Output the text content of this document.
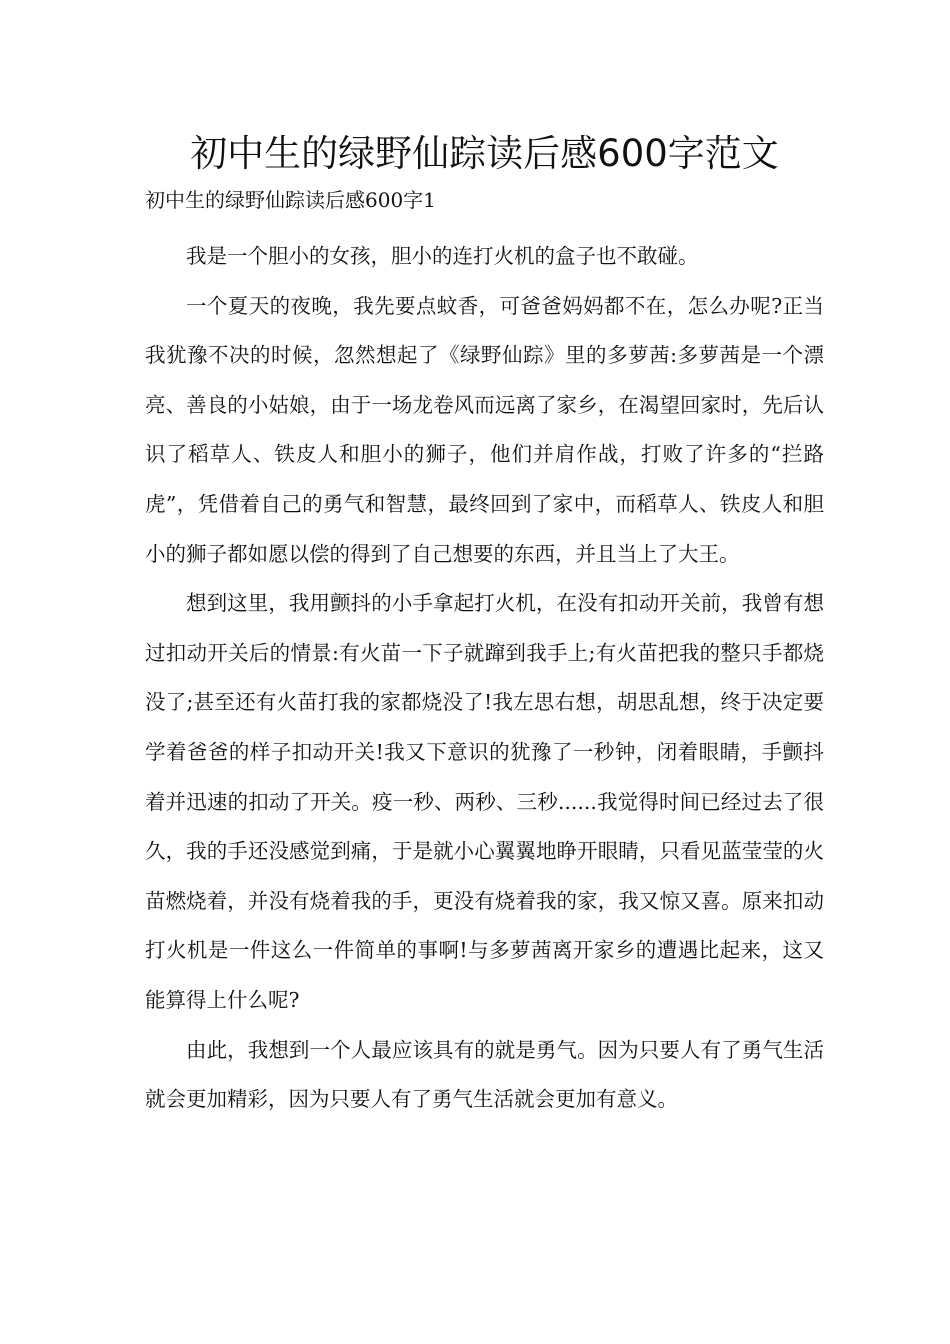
初中生的绿野仙踪读后感600字范文
初中生的绿野仙踪读后感600字1

我是一个胆小的女孩，胆小的连打火机的盒子也不敢碰。

一个夏天的夜晚，我先要点蚊香，可爸爸妈妈都不在，怎么办呢?正当我犹豫不决的时候，忽然想起了《绿野仙踪》里的多萝茜:多萝茜是一个漂亮、善良的小姑娘，由于一场龙卷风而远离了家乡，在渴望回家时，先后认识了稻草人、铁皮人和胆小的狮子，他们并肩作战，打败了许多的“拦路虎”，凭借着自己的勇气和智慧，最终回到了家中，而稻草人、铁皮人和胆小的狮子都如愿以偿的得到了自己想要的东西，并且当上了大王。

想到这里，我用颤抖的小手拿起打火机，在没有扣动开关前，我曾有想过扣动开关后的情景:有火苗一下子就蹿到我手上;有火苗把我的整只手都烧没了;甚至还有火苗打我的家都烧没了!我左思右想，胡思乱想，终于决定要学着爸爸的样子扣动开关!我又下意识的犹豫了一秒钟，闭着眼睛，手颤抖着并迅速的扣动了开关。疫一秒、两秒、三秒......我觉得时间已经过去了很久，我的手还没感觉到痛，于是就小心翼翼地睁开眼睛，只看见蓝莹莹的火苗燃烧着，并没有烧着我的手，更没有烧着我的家，我又惊又喜。原来扣动打火机是一件这么一件简单的事啊!与多萝茜离开家乡的遭遇比起来，这又能算得上什么呢?

由此，我想到一个人最应该具有的就是勇气。因为只要人有了勇气生活就会更加精彩，因为只要人有了勇气生活就会更加有意义。
